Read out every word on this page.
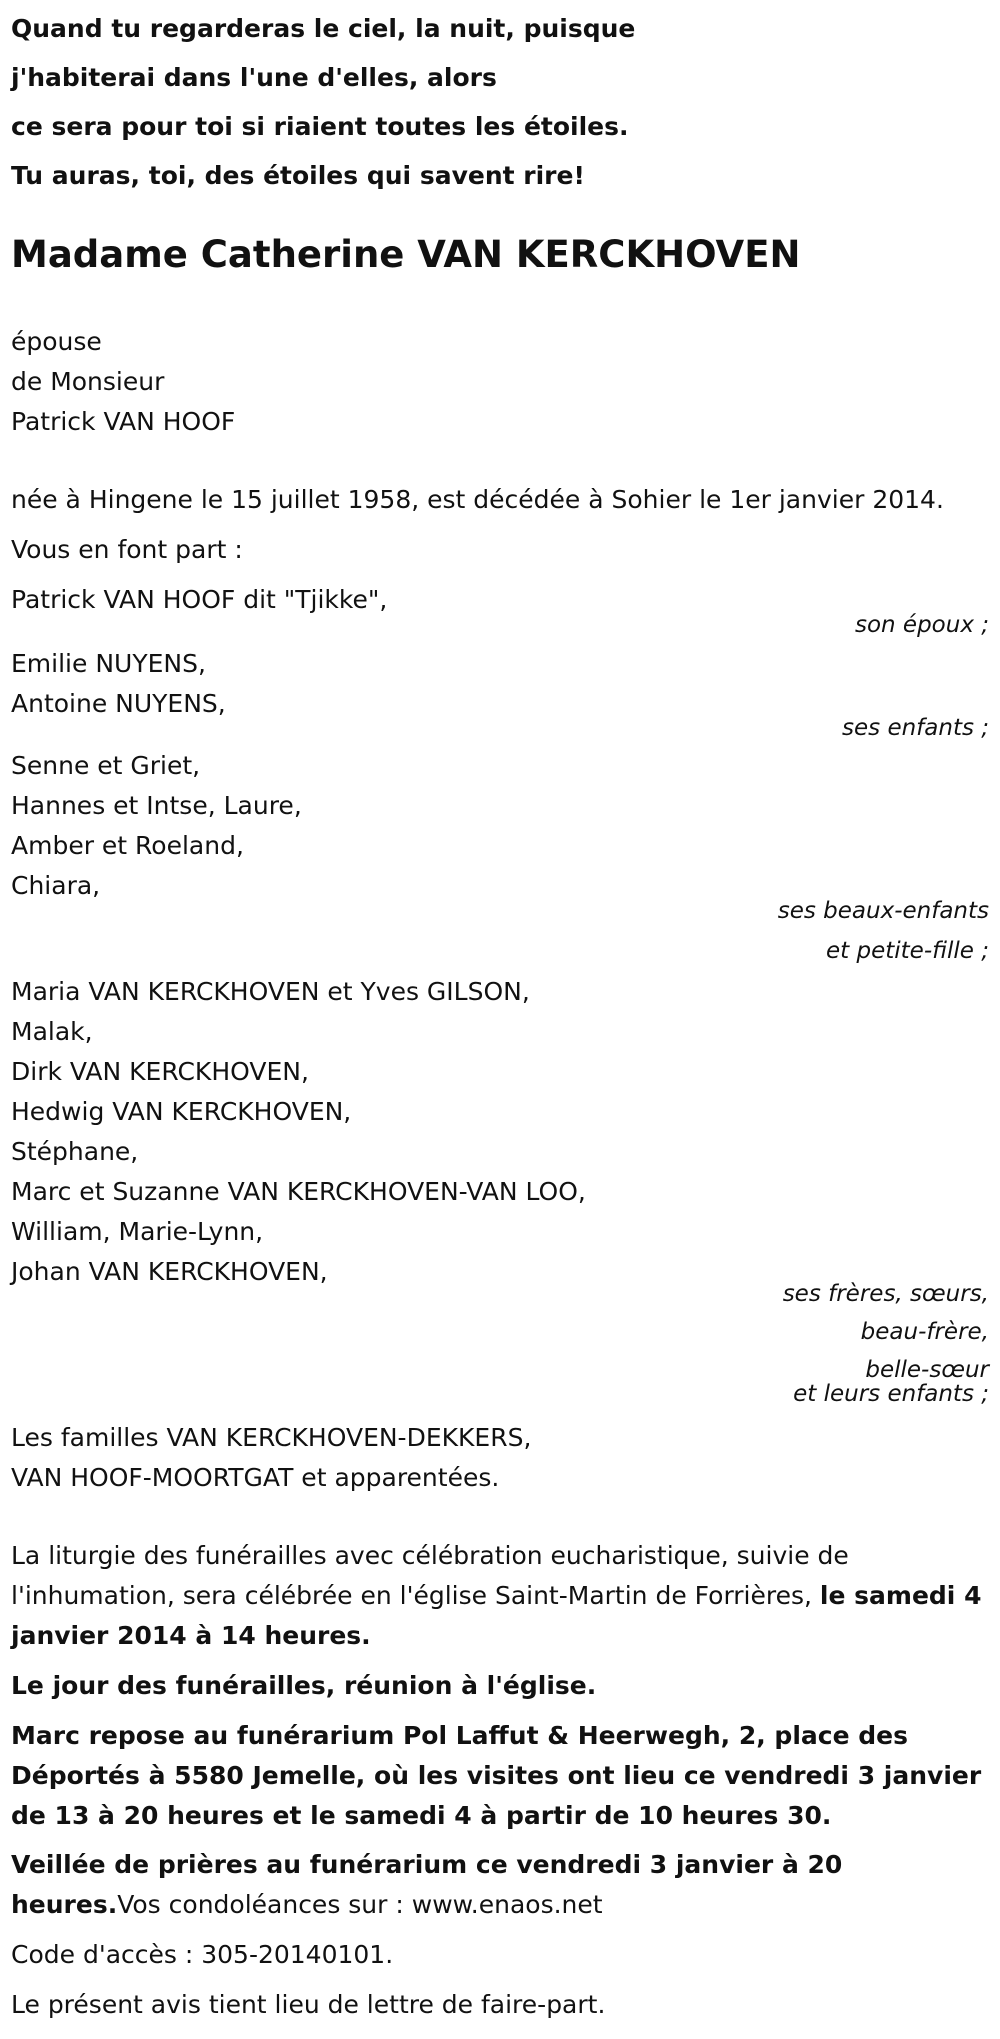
Quand tu regarderas le ciel, la nuit, puisque
j'habiterai dans l'une d'elles, alors
ce sera pour toi si riaient toutes les étoiles.
Tu auras, toi, des étoiles qui savent rire!
Madame Catherine VAN KERCKHOVEN
épouse
de Monsieur
Patrick VAN HOOF
née à Hingene le 15 juillet 1958, est décédée à Sohier le 1er janvier 2014.
Vous en font part :
Patrick VAN HOOF dit "Tjikke",
son époux ;
Emilie NUYENS,
Antoine NUYENS,
ses enfants ;
Senne et Griet,
Hannes et Intse, Laure,
Amber et Roeland,
Chiara,
ses beaux-enfants
et petite-fille ;
Maria VAN KERCKHOVEN et Yves GILSON,
Malak,
Dirk VAN KERCKHOVEN,
Hedwig VAN KERCKHOVEN,
Stéphane,
Marc et Suzanne VAN KERCKHOVEN-VAN LOO,
William, Marie-Lynn,
Johan VAN KERCKHOVEN,
ses frères, sœurs,
beau-frère,
belle-sœur
et leurs enfants ;
Les familles VAN KERCKHOVEN-DEKKERS,
VAN HOOF-MOORTGAT et apparentées.
La liturgie des funérailles avec célébration eucharistique, suivie de l'inhumation, sera célébrée en l'église Saint-Martin de Forrières, le samedi 4 janvier 2014 à 14 heures.
Le jour des funérailles, réunion à l'église.
Marc repose au funérarium Pol Laffut & Heerwegh, 2, place des Déportés à 5580 Jemelle, où les visites ont lieu ce vendredi 3 janvier de 13 à 20 heures et le samedi 4 à partir de 10 heures 30.
Veillée de prières au funérarium ce vendredi 3 janvier à 20 heures.Vos condoléances sur : www.enaos.net
Code d'accès : 305-20140101.
Le présent avis tient lieu de lettre de faire-part.
